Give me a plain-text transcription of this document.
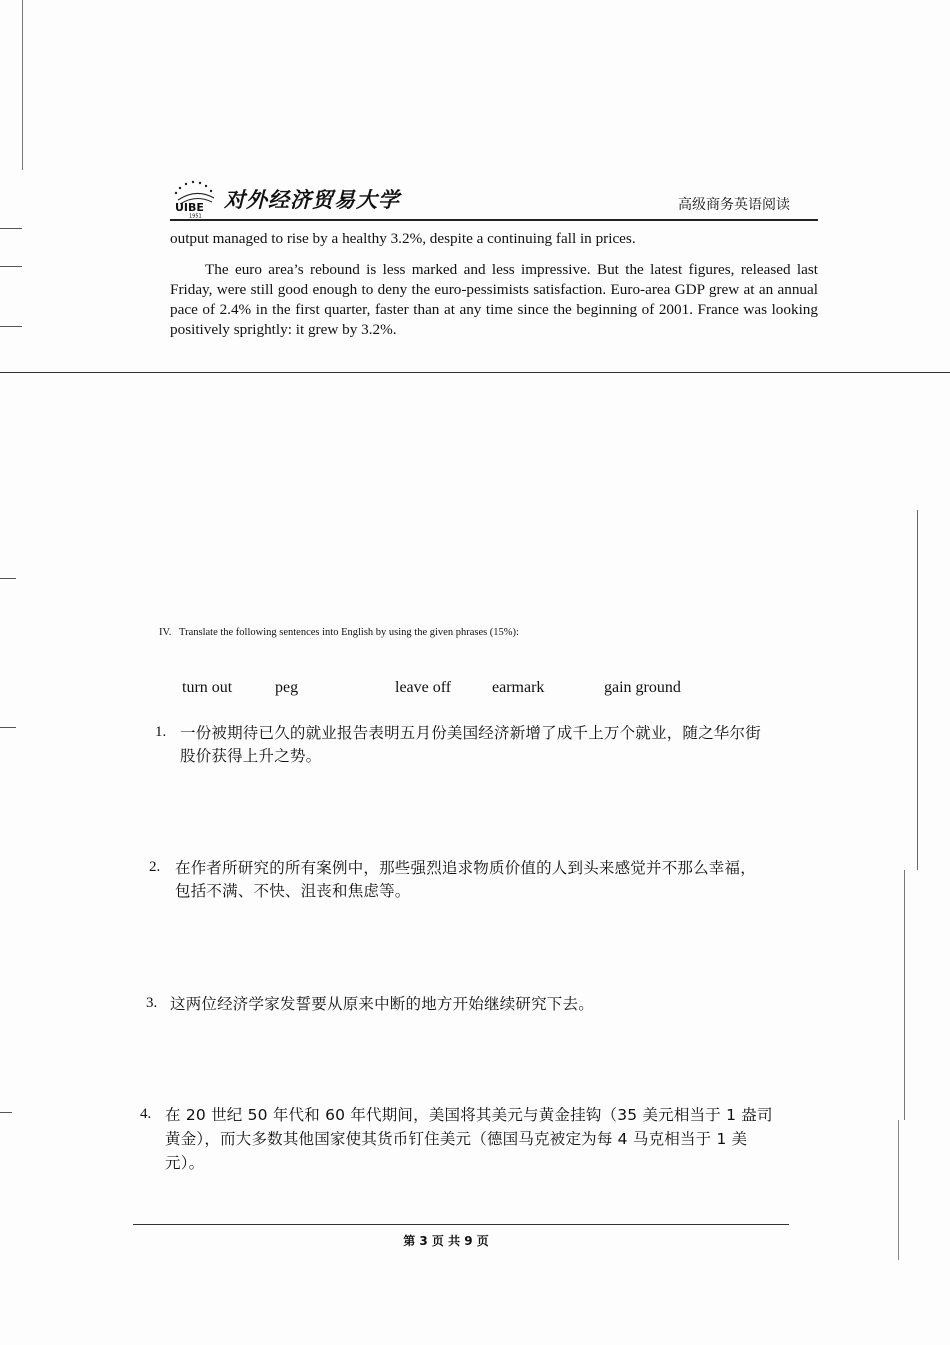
UIBE
1951
对外经济贸易大学	高级商务英语阅读

output managed to rise by a healthy 3.2%, despite a continuing fall in prices.

The euro area’s rebound is less marked and less impressive. But the latest figures, released last Friday, were still good enough to deny the euro-pessimists satisfaction. Euro-area GDP grew at an annual pace of 2.4% in the first quarter, faster than at any time since the beginning of 2001. France was looking positively sprightly: it grew by 3.2%.

IV.   Translate the following sentences into English by using the given phrases (15%):
turn out	peg	leave off	earmark	gain ground
1. 一份被期待已久的就业报告表明五月份美国经济新增了成千上万个就业，随之华尔街
股价获得上升之势。
2. 在作者所研究的所有案例中，那些强烈追求物质价值的人到头来感觉并不那么幸福，
包括不满、不快、沮丧和焦虑等。
3. 这两位经济学家发誓要从原来中断的地方开始继续研究下去。
4. 在 20 世纪 50 年代和 60 年代期间，美国将其美元与黄金挂钩（35 美元相当于 1 盎司
黄金），而大多数其他国家使其货币钉住美元（德国马克被定为每 4 马克相当于 1 美
元）。
第 3 页 共 9 页
